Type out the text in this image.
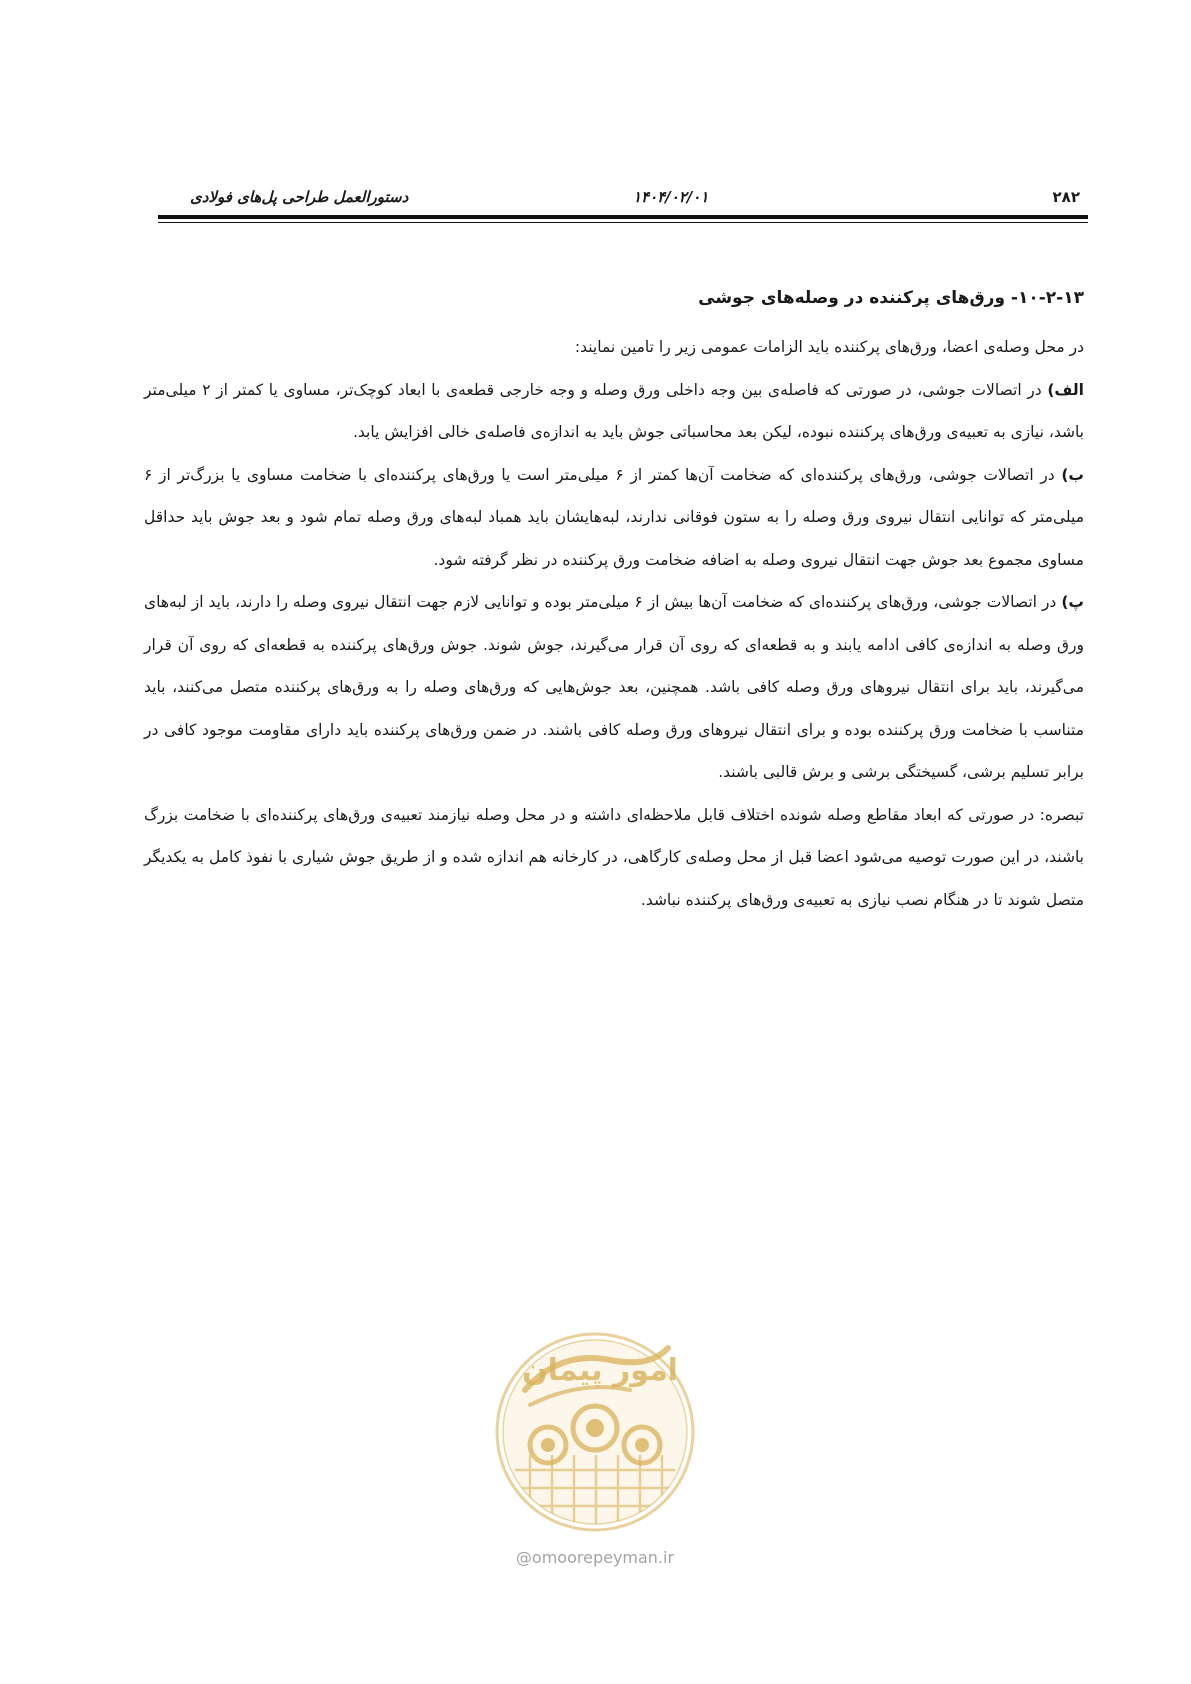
دستورالعمل طراحی پل‌های فولادی	۱۴۰۴/۰۲/۰۱	۲۸۲
۱۰-۲-۱۳- ورق‌های پرکننده در وصله‌های جوشی

در محل وصله‌ی اعضا، ورق‌های پرکننده باید الزامات عمومی زیر را تامین نمایند:

الف) در اتصالات جوشی، در صورتی که فاصله‌ی بین وجه داخلی ورق وصله و وجه خارجی قطعه‌ی با ابعاد کوچک‌تر، مساوی یا کمتر از ۲ میلی‌متر باشد، نیازی به تعبیه‌ی ورق‌های پرکننده نبوده، لیکن بعد محاسباتی جوش باید به اندازه‌ی فاصله‌ی خالی افزایش یابد.

ب) در اتصالات جوشی، ورق‌های پرکننده‌ای که ضخامت آن‌ها کمتر از ۶ میلی‌متر است یا ورق‌های پرکننده‌ای با ضخامت مساوی یا بزرگ‌تر از ۶ میلی‌متر که توانایی انتقال نیروی ورق وصله را به ستون فوقانی ندارند، لبه‌هایشان باید همباد لبه‌های ورق وصله تمام شود و بعد جوش باید حداقل مساوی مجموع بعد جوش جهت انتقال نیروی وصله به اضافه ضخامت ورق پرکننده در نظر گرفته شود.

پ) در اتصالات جوشی، ورق‌های پرکننده‌ای که ضخامت آن‌ها بیش از ۶ میلی‌متر بوده و توانایی لازم جهت انتقال نیروی وصله را دارند، باید از لبه‌های ورق وصله به اندازه‌ی کافی ادامه یابند و به قطعه‌ای که روی آن قرار می‌گیرند، جوش شوند. جوش ورق‌های پرکننده به قطعه‌ای که روی آن قرار می‌گیرند، باید برای انتقال نیروهای ورق وصله کافی باشد. همچنین، بعد جوش‌هایی که ورق‌های وصله را به ورق‌های پرکننده متصل می‌کنند، باید متناسب با ضخامت ورق پرکننده بوده و برای انتقال نیروهای ورق وصله کافی باشند. در ضمن ورق‌های پرکننده باید دارای مقاومت موجود کافی در برابر تسلیم برشی، گسیختگی برشی و برش قالبی باشند.

تبصره: در صورتی که ابعاد مقاطع وصله شونده اختلاف قابل ملاحظه‌ای داشته و در محل وصله نیازمند تعبیه‌ی ورق‌های پرکننده‌ای با ضخامت بزرگ باشند، در این صورت توصیه می‌شود اعضا قبل از محل وصله‌ی کارگاهی، در کارخانه هم اندازه شده و از طریق جوش شیاری با نفوذ کامل به یکدیگر متصل شوند تا در هنگام نصب نیازی به تعبیه‌ی ورق‌های پرکننده نباشد.

امور پیمان
@omoorepeyman.ir
